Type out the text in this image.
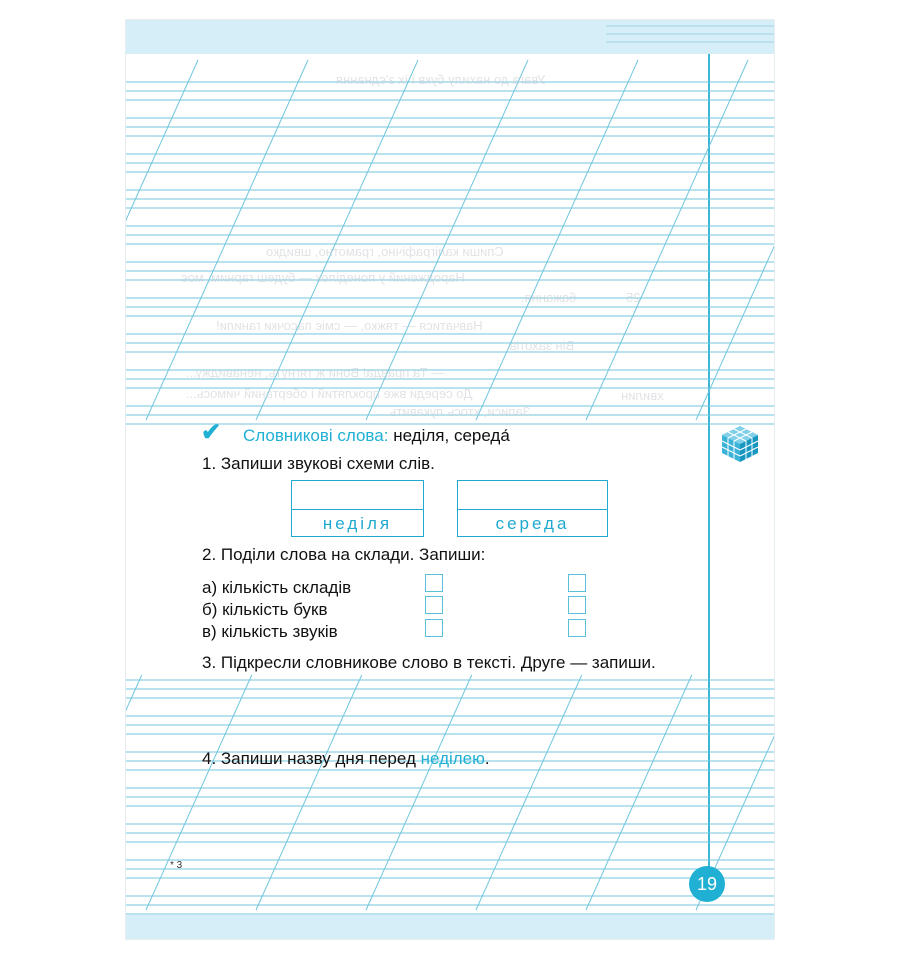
Увага до нахилу букв і їх з'єднання
Спиши каліграфічно, грамотно, швидко
Народжений у понеділок — будеш гарним, моє
бажання.
Навчатися — тяжко, — сміє пасочки ганили!
Він захотів.
— Та правда! Вони ж тягнуть, ненавиджу...
До середи вже проклятий і обертаний чимось...
Записи, хтось лукавить.
25
хвилин
✔ Словникові слова: неділя, середа́
1. Запиши звукові схеми слів.
неділя	середа
2. Поділи слова на склади. Запиши:
а) кількість складів
б) кількість букв
в) кількість звуків
3. Підкресли словникове слово в тексті. Друге — запиши.
4. Запиши назву дня перед неділею.
* 3
19
